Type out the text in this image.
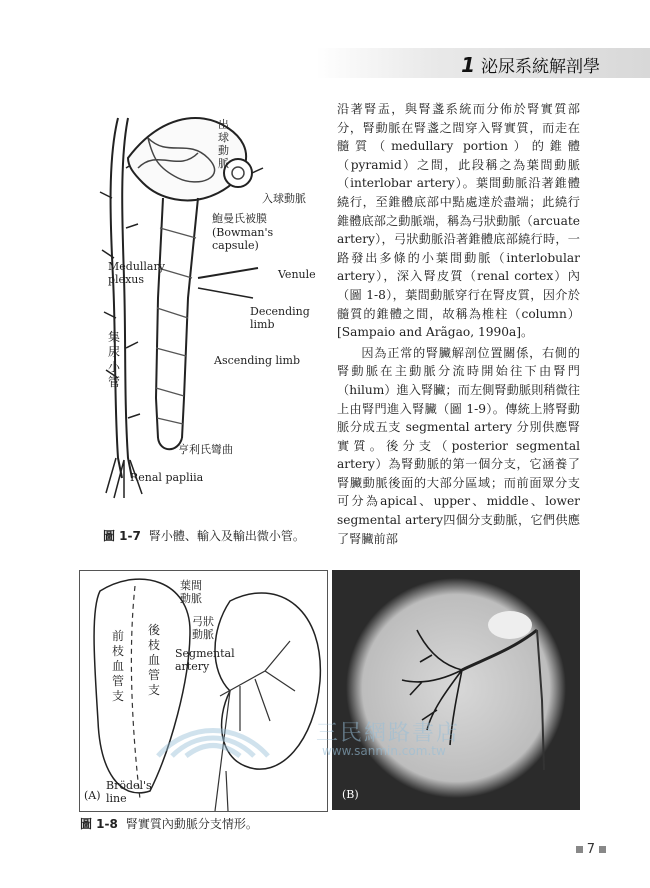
1 泌尿系統解剖學

沿著腎盂，與腎盞系統而分佈於腎實質部分，腎動脈在腎盞之間穿入腎實質，而走在髓質（medullary portion）的錐體（pyramid）之間，此段稱之為葉間動脈（interlobar artery）。葉間動脈沿著錐體繞行，至錐體底部中點處達於盡端；此繞行錐體底部之動脈端，稱為弓狀動脈（arcuate artery），弓狀動脈沿著錐體底部繞行時，一路發出多條的小葉間動脈（interlobular artery），深入腎皮質（renal cortex）內（圖 1-8），葉間動脈穿行在腎皮質，因介於髓質的錐體之間，故稱為椎柱（column）[Sampaio and Arãgao, 1990a]。

因為正常的腎臟解剖位置關係，右側的腎動脈在主動脈分流時開始往下由腎門（hilum）進入腎臟；而左側腎動脈則稍微往上由腎門進入腎臟（圖 1-9）。傳統上將腎動脈分成五支 segmental artery 分別供應腎實質。後分支（posterior segmental artery）為腎動脈的第一個分支，它涵養了腎臟動脈後面的大部分區域；而前面眾分支可分為apical、upper、middle、lower segmental artery四個分支動脈，它們供應了腎臟前部

出球動脈
入球動脈
鮑曼氏被膜
(Bowman's capsule)
Medullary plexus	Venule
Decending limb
集尿小管
Ascending limb
亨利氏彎曲
Renal papliia
圖 1-7 腎小體、輸入及輸出微小管。
(A)
葉間動脈
弓狀動脈
Segmental artery
前枝血管支
後枝血管支
Brödel's line	(B)
三民網路書店
www.sanmin.com.tw
圖 1-8 腎實質內動脈分支情形。
7
